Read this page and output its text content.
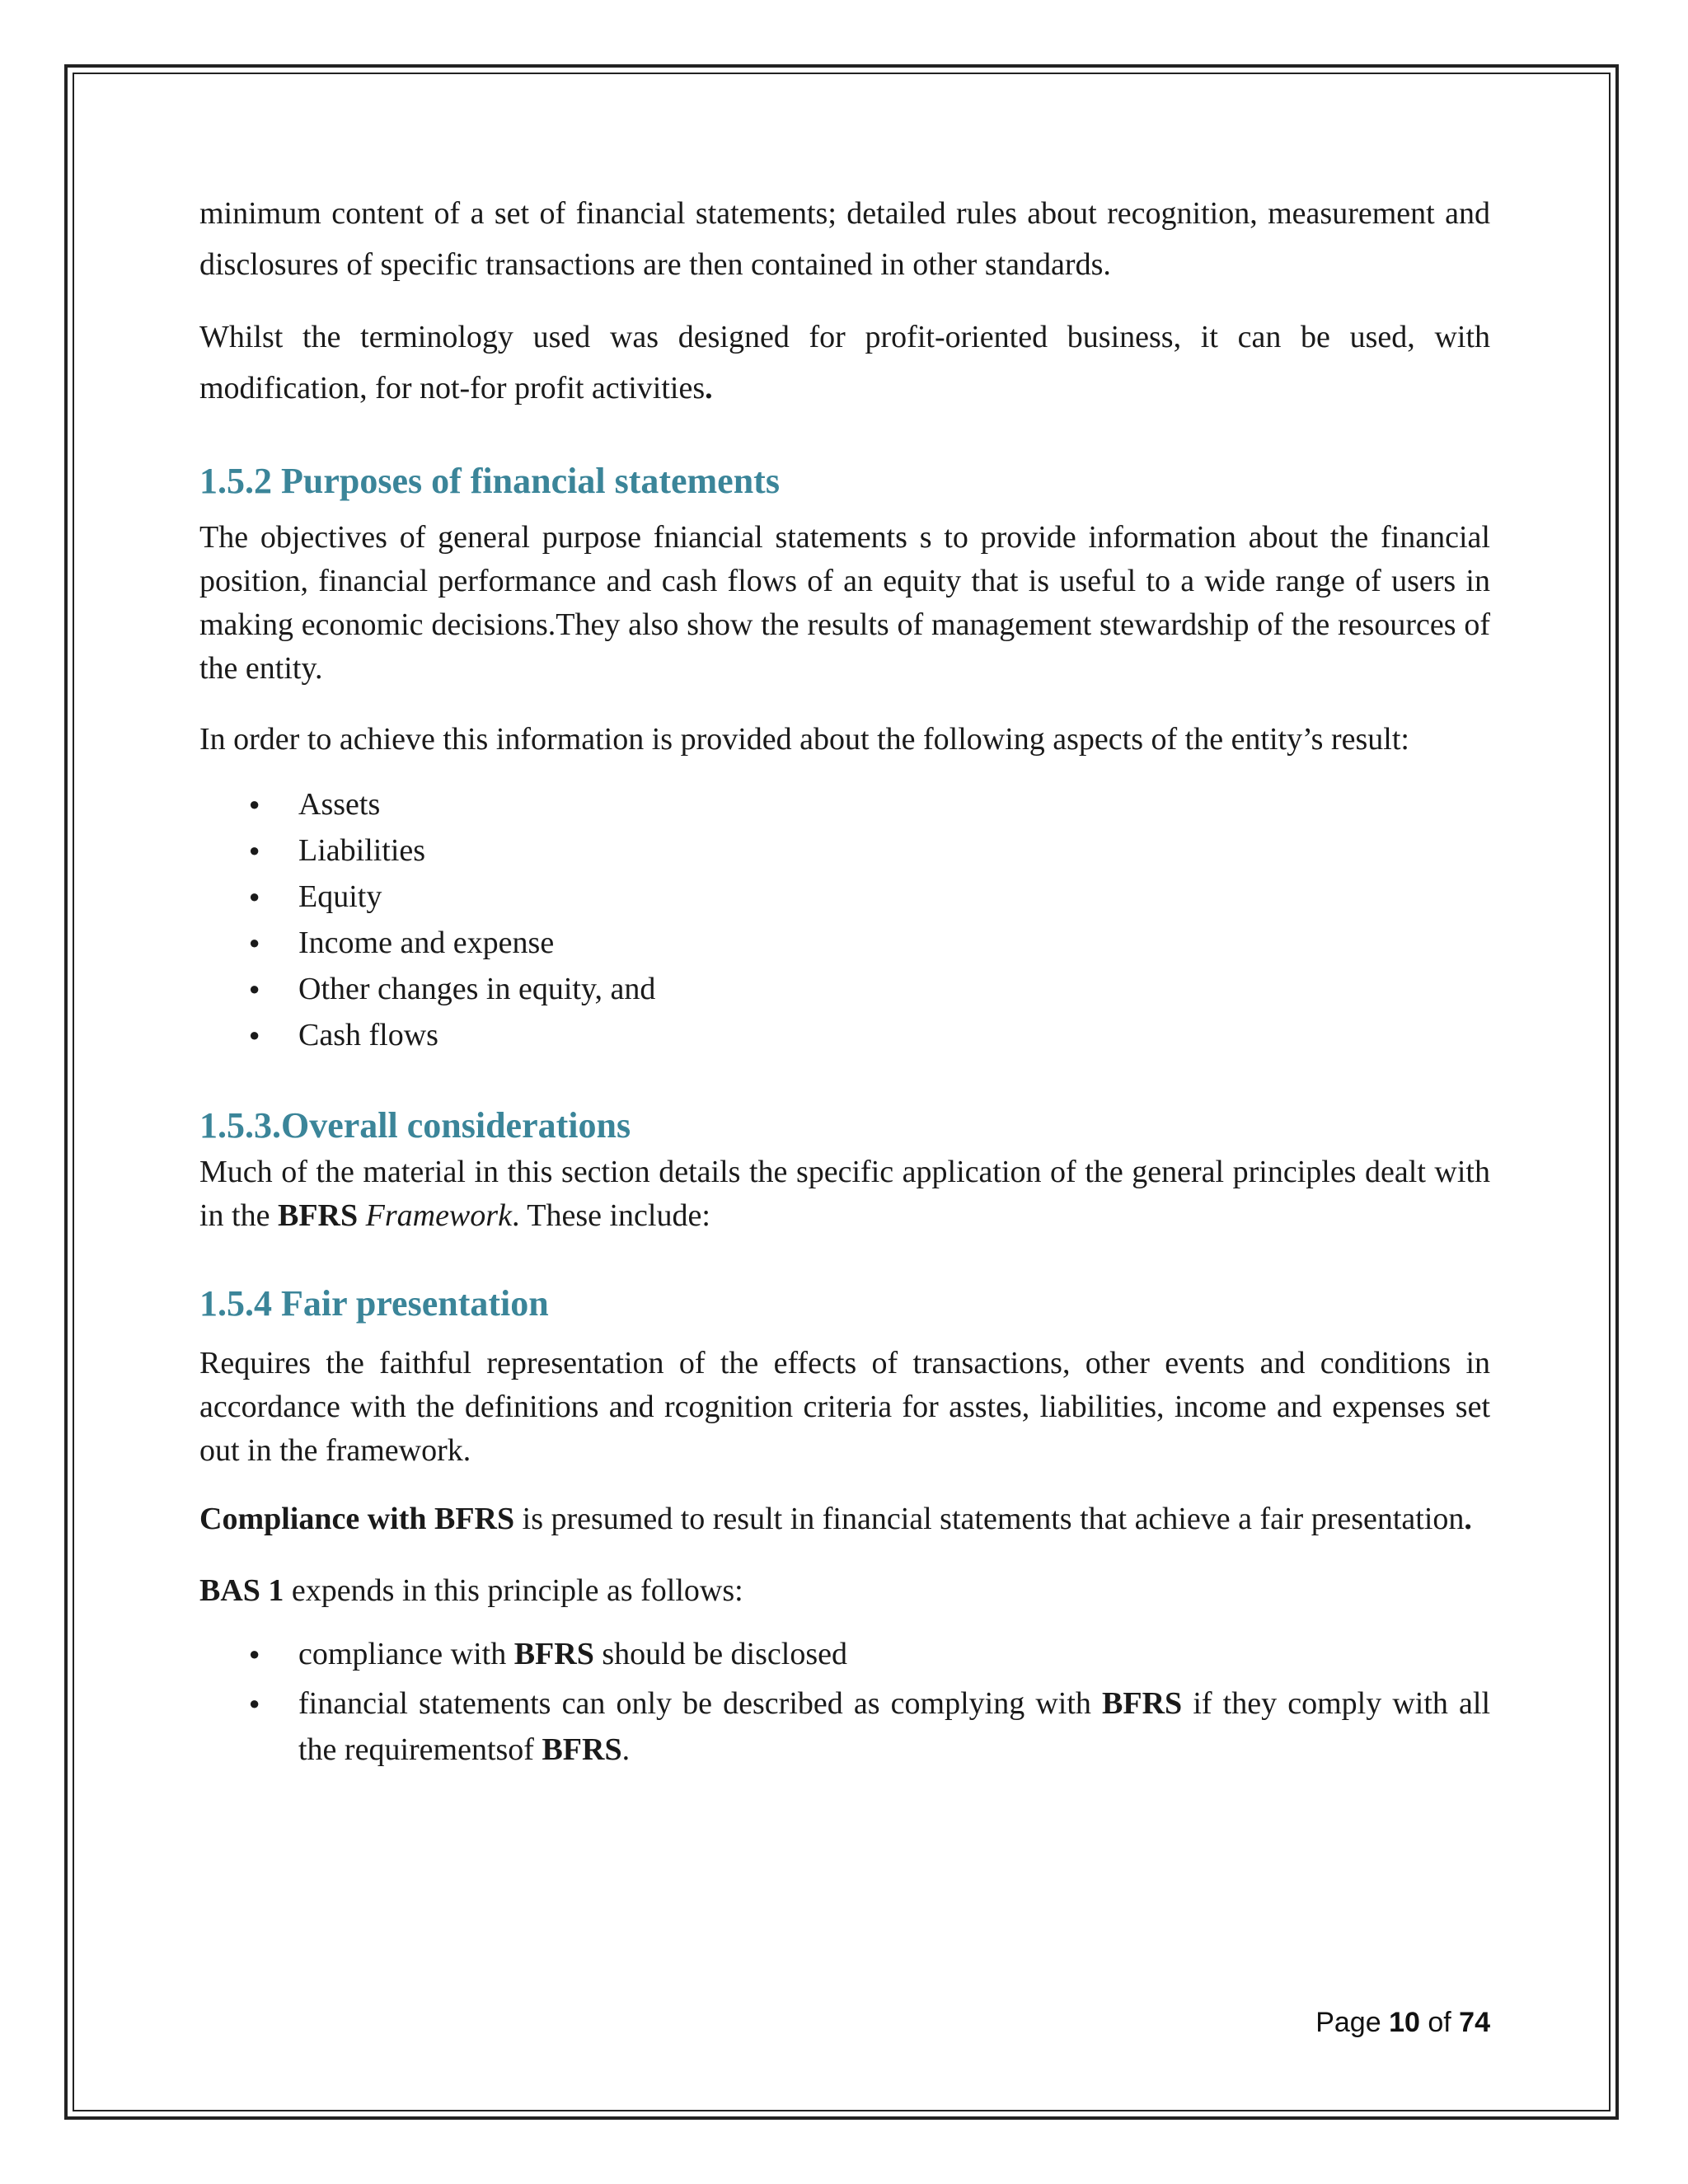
minimum content of a set of financial statements; detailed rules about recognition, measurement and disclosures of specific transactions are then contained in other standards.

Whilst the terminology used was designed for profit-oriented business, it can be used, with modification, for not-for profit activities.

1.5.2 Purposes of financial statements

The objectives of general purpose fniancial statements s to provide information about the financial position, financial performance and cash flows of an equity that is useful to a wide range of users in making economic decisions.They also show the results of management stewardship of the resources of the entity.

In order to achieve this information is provided about the following aspects of the entity’s result:

● Assets
● Liabilities
● Equity
● Income and expense
● Other changes in equity, and
● Cash flows
1.5.3.Overall considerations

Much of the material in this section details the specific application of the general principles dealt with in the BFRS Framework. These include:

1.5.4 Fair presentation

Requires the faithful representation of the effects of transactions, other events and conditions in accordance with the definitions and rcognition criteria for asstes, liabilities, income and expenses set out in the framework.

Compliance with BFRS is presumed to result in financial statements that achieve a fair presentation.

BAS 1 expends in this principle as follows:

● compliance with BFRS should be disclosed
● financial statements can only be described as complying with BFRS if they comply with all the requirementsof BFRS.
Page 10 of 74
